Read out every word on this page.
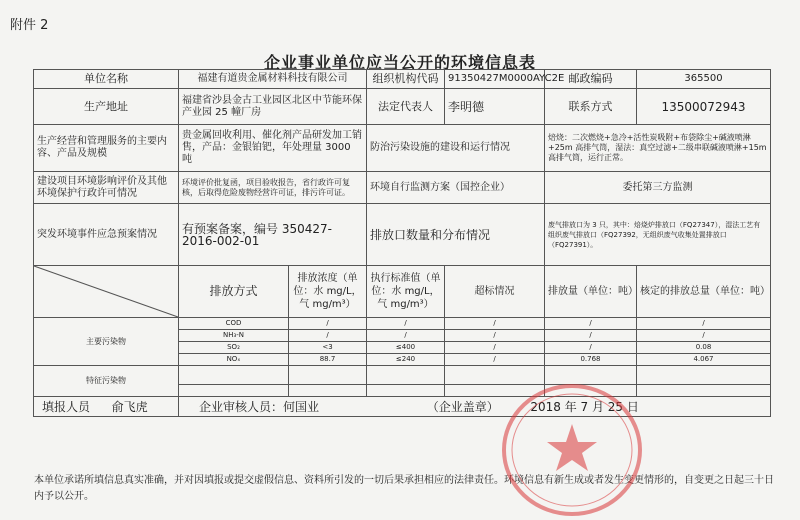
附件 2
企业事业单位应当公开的环境信息表
单位名称	福建有道贵金属材料科技有限公司		组织机构代码	91350427M0000AYC2E	邮政编码	365500
生产地址	福建省沙县金古工业园区北区中节能环保产业园 25 幢厂房		法定代表人	李明德	联系方式	13500072943
生产经营和管理服务的主要内容、产品及规模	贵金属回收利用、催化剂产品研发加工销售，产品：金银铂钯，年处理量 3000 吨		防治污染设施的建设和运行情况		焙烧：二次燃烧+急冷+活性炭吸附+布袋除尘+碱液喷淋+25m 高排气筒，湿法：真空过滤+二级串联碱液喷淋+15m 高排气筒，运行正常。	
建设项目环境影响评价及其他环境保护行政许可情况	环境评价批复函，项目验收报告，省行政许可复核，后取得危险废物经营许可证，排污许可证。		环境自行监测方案（国控企业）		委托第三方监测	
突发环境事件应急预案情况	有预案备案，编号 350427-2016-002-01		排放口数量和分布情况		废气排放口为 3 只，其中：焙烧炉排放口（FQ27347），湿法工艺有组织废气排放口（FQ27392，无组织废气收集处置排放口（FQ27391）。	

	排放方式	排放浓度（单位：水 mg/L，气 mg/m³）	执行标准值（单位：水 mg/L，气 mg/m³）	超标情况	排放量（单位：吨）	核定的排放总量（单位：吨）

主要污染物	COD	/	/	/	/	/
	NH₃-N	/	/	/	/	/
	SO₂	<3	≤400	/	/	0.08
	NOₓ	88.7	≤240	/	0.768	4.067
特征污染物						

填报人员 俞飞虎	企业审核人员：何国业 （企业盖章） 2018 年 7 月 25 日					
本单位承诺所填信息真实准确，并对因填报或提交虚假信息、资料所引发的一切后果承担相应的法律责任。环境信息有新生成或者发生变更情形的，自变更之日起三十日内予以公开。
